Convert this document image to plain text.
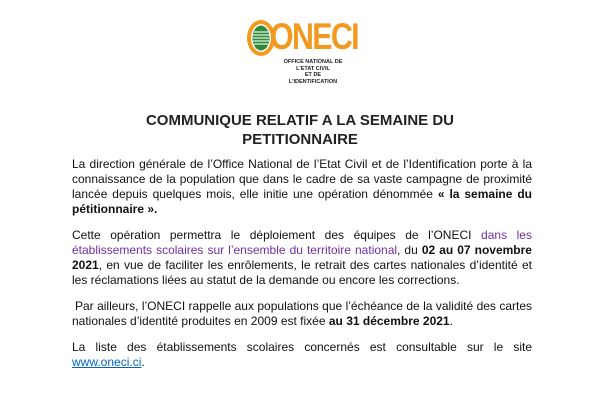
ONECI
OFFICE NATIONAL DE L’ETAT CIVIL
ET DE L’IDENTIFICATION
COMMUNIQUE RELATIF A LA SEMAINE DU
PETITIONNAIRE

La direction générale de l’Office National de l’Etat Civil et de l’Identification porte à la connaissance de la population que dans le cadre de sa vaste campagne de proximité lancée depuis quelques mois, elle initie une opération dénommée « la semaine du pétitionnaire ».

Cette opération permettra le déploiement des équipes de l’ONECI dans les établissements scolaires sur l’ensemble du territoire national, du 02 au 07 novembre 2021, en vue de faciliter les enrôlements, le retrait des cartes nationales d’identité et les réclamations liées au statut de la demande ou encore les corrections.

Par ailleurs, l’ONECI rappelle aux populations que l’échéance de la validité des cartes nationales d’identité produites en 2009 est fixée au 31 décembre 2021.

La liste des établissements scolaires concernés est consultable sur le site www.oneci.ci.
